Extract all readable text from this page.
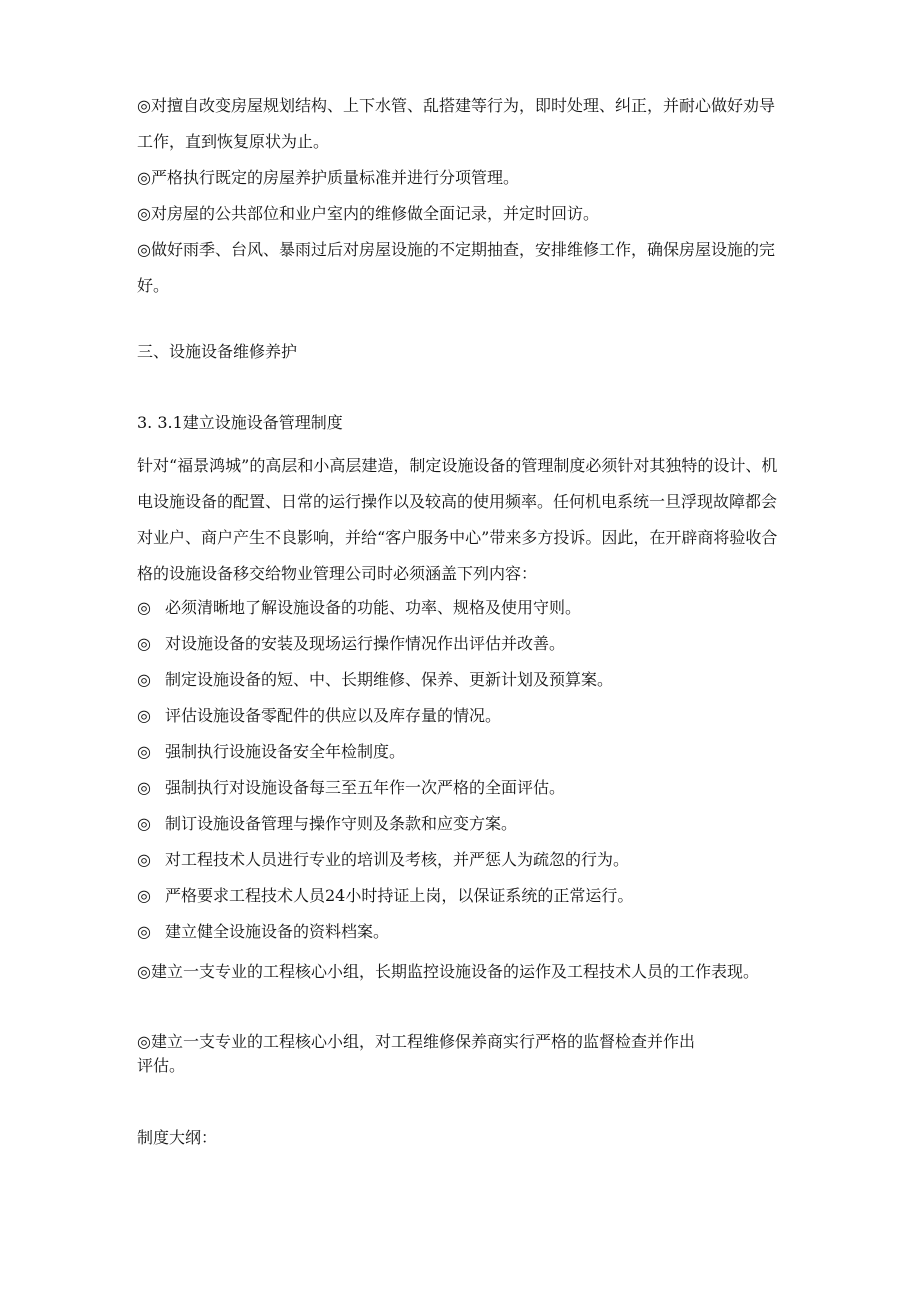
◎对擅自改变房屋规划结构、上下水管、乱搭建等行为，即时处理、纠正，并耐心做好劝导工作，直到恢复原状为止。

◎严格执行既定的房屋养护质量标准并进行分项管理。

◎对房屋的公共部位和业户室内的维修做全面记录，并定时回访。

◎做好雨季、台风、暴雨过后对房屋设施的不定期抽查，安排维修工作，确保房屋设施的完好。

三、设施设备维修养护

3. 3.1建立设施设备管理制度

针对“福景鸿城”的高层和小高层建造，制定设施设备的管理制度必须针对其独特的设计、机电设施设备的配置、日常的运行操作以及较高的使用频率。任何机电系统一旦浮现故障都会对业户、商户产生不良影响，并给“客户服务中心”带来多方投诉。因此，在开辟商将验收合格的设施设备移交给物业管理公司时必须涵盖下列内容：

◎ 必须清晰地了解设施设备的功能、功率、规格及使用守则。
◎ 对设施设备的安装及现场运行操作情况作出评估并改善。
◎ 制定设施设备的短、中、长期维修、保养、更新计划及预算案。
◎ 评估设施设备零配件的供应以及库存量的情况。
◎ 强制执行设施设备安全年检制度。
◎ 强制执行对设施设备每三至五年作一次严格的全面评估。
◎ 制订设施设备管理与操作守则及条款和应变方案。
◎ 对工程技术人员进行专业的培训及考核，并严惩人为疏忽的行为。
◎ 严格要求工程技术人员24小时持证上岗，以保证系统的正常运行。
◎ 建立健全设施设备的资料档案。

◎建立一支专业的工程核心小组，长期监控设施设备的运作及工程技术人员的工作表现。

◎建立一支专业的工程核心小组，对工程维修保养商实行严格的监督检查并作出
评估。

制度大纲：
